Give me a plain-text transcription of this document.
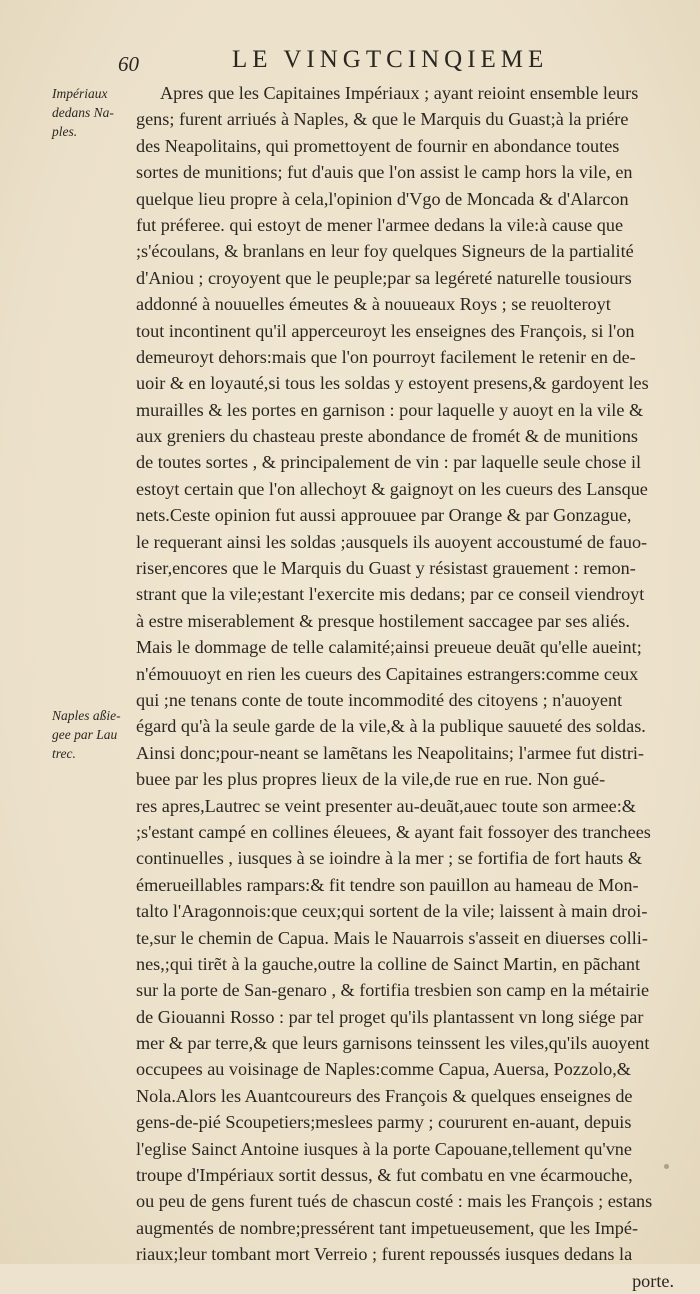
60	LE VINGTCINQIEME
Impériaux
dedans Na-
ples.
Naples aßie-
gee par Lau
trec.
Apres que les Capitaines Impériaux ; ayant reioint ensemble leurs
gens; furent arriués à Naples, & que le Marquis du Guast;à la priére
des Neapolitains, qui promettoyent de fournir en abondance toutes
sortes de munitions; fut d'auis que l'on assist le camp hors la vile, en
quelque lieu propre à cela,l'opinion d'Vgo de Moncada & d'Alarcon
fut préferee. qui estoyt de mener l'armee dedans la vile:à cause que
;s'écoulans, & branlans en leur foy quelques Signeurs de la partialité
d'Aniou ; croyoyent que le peuple;par sa legéreté naturelle tousiours
addonné à nouuelles émeutes & à nouueaux Roys ; se reuolteroyt
tout incontinent qu'il apperceuroyt les enseignes des François, si l'on
demeuroyt dehors:mais que l'on pourroyt facilement le retenir en de-
uoir & en loyauté,si tous les soldas y estoyent presens,& gardoyent les
murailles & les portes en garnison : pour laquelle y auoyt en la vile &
aux greniers du chasteau preste abondance de fromét & de munitions
de toutes sortes , & principalement de vin : par laquelle seule chose il
estoyt certain que l'on allechoyt & gaignoyt on les cueurs des Lansque
nets.Ceste opinion fut aussi approuuee par Orange & par Gonzague,
le requerant ainsi les soldas ;ausquels ils auoyent accoustumé de fauo-
riser,encores que le Marquis du Guast y résistast grauement : remon-
strant que la vile;estant l'exercite mis dedans; par ce conseil viendroyt
à estre miserablement & presque hostilement saccagee par ses aliés.
Mais le dommage de telle calamité;ainsi preueue deuãt qu'elle aueint;
n'émouuoyt en rien les cueurs des Capitaines estrangers:comme ceux
qui ;ne tenans conte de toute incommodité des citoyens ; n'auoyent
égard qu'à la seule garde de la vile,& à la publique sauueté des soldas.
Ainsi donc;pour-neant se lamẽtans les Neapolitains; l'armee fut distri-
buee par les plus propres lieux de la vile,de rue en rue. Non gué-
res apres,Lautrec se veint presenter au-deuãt,auec toute son armee:&
;s'estant campé en collines éleuees, & ayant fait fossoyer des tranchees
continuelles , iusques à se ioindre à la mer ; se fortifia de fort hauts &
émerueillables rampars:& fit tendre son pauillon au hameau de Mon-
talto l'Aragonnois:que ceux;qui sortent de la vile; laissent à main droi-
te,sur le chemin de Capua. Mais le Nauarrois s'asseit en diuerses colli-
nes,;qui tirẽt à la gauche,outre la colline de Sainct Martin, en pãchant
sur la porte de San-genaro , & fortifia tresbien son camp en la métairie
de Giouanni Rosso : par tel proget qu'ils plantassent vn long siége par
mer & par terre,& que leurs garnisons teinssent les viles,qu'ils auoyent
occupees au voisinage de Naples:comme Capua, Auersa, Pozzolo,&
Nola.Alors les Auantcoureurs des François & quelques enseignes de
gens-de-pié Scoupetiers;meslees parmy ; coururent en-auant, depuis
l'eglise Sainct Antoine iusques à la porte Capouane,tellement qu'vne
troupe d'Impériaux sortit dessus, & fut combatu en vne écarmouche,
ou peu de gens furent tués de chascun costé : mais les François ; estans
augmentés de nombre;pressérent tant impetueusement, que les Impé-
riaux;leur tombant mort Verreio ; furent repoussés iusques dedans la
porte.
